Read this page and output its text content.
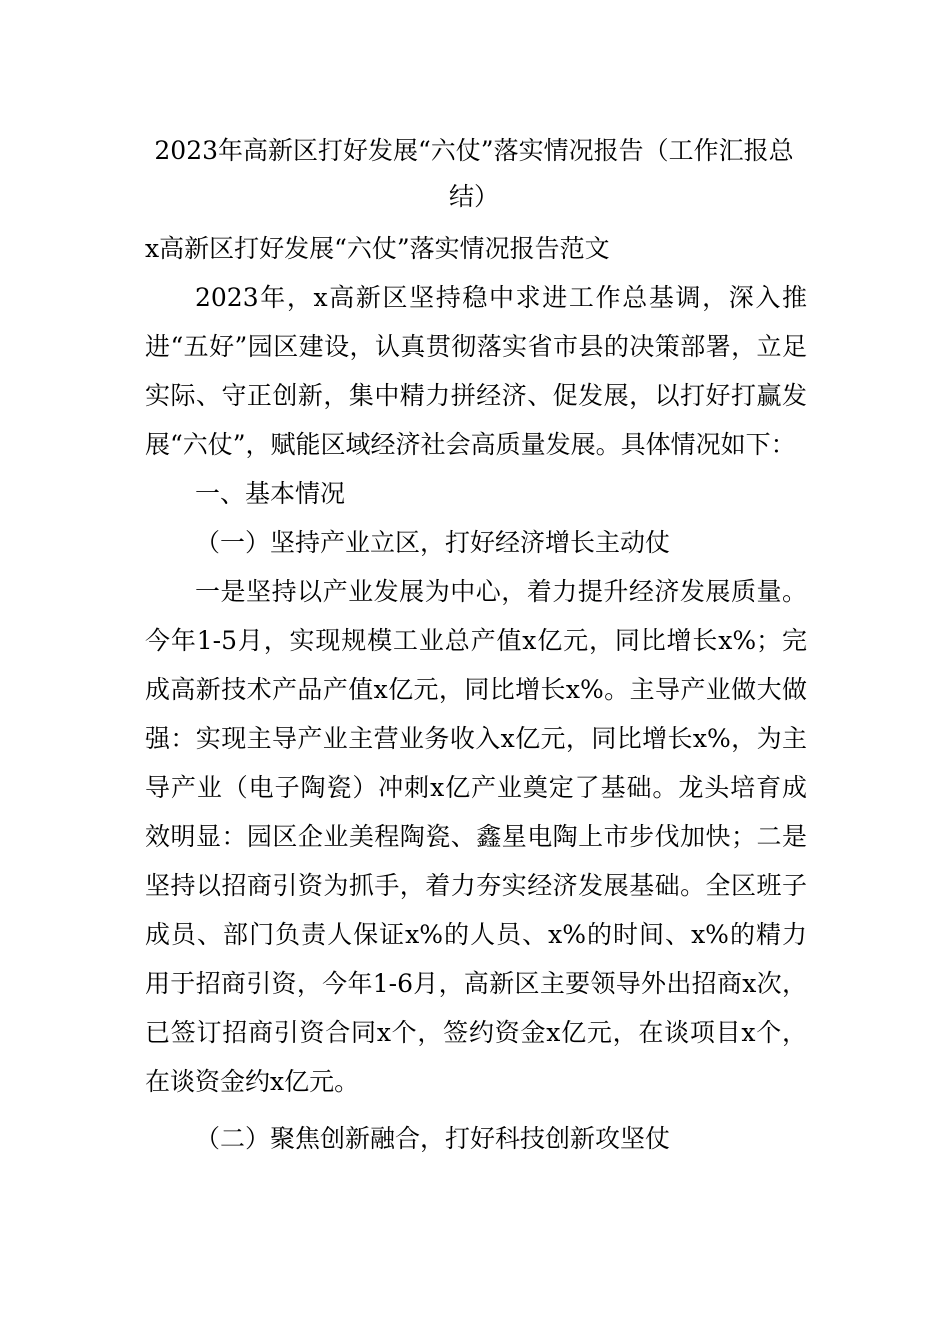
2023年高新区打好发展“六仗”落实情况报告（工作汇报总结）

x高新区打好发展“六仗”落实情况报告范文

2023年，x高新区坚持稳中求进工作总基调，深入推进“五好”园区建设，认真贯彻落实省市县的决策部署，立足实际、守正创新，集中精力拼经济、促发展，以打好打赢发展“六仗”，赋能区域经济社会高质量发展。具体情况如下：

一、基本情况

（一）坚持产业立区，打好经济增长主动仗

一是坚持以产业发展为中心，着力提升经济发展质量。今年1-5月，实现规模工业总产值x亿元，同比增长x%；完成高新技术产品产值x亿元，同比增长x%。主导产业做大做强：实现主导产业主营业务收入x亿元，同比增长x%，为主导产业（电子陶瓷）冲刺x亿产业奠定了基础。龙头培育成效明显：园区企业美程陶瓷、鑫星电陶上市步伐加快；二是坚持以招商引资为抓手，着力夯实经济发展基础。全区班子成员、部门负责人保证x%的人员、x%的时间、x%的精力用于招商引资，今年1-6月，高新区主要领导外出招商x次，已签订招商引资合同x个，签约资金x亿元，在谈项目x个，在谈资金约x亿元。

（二）聚焦创新融合，打好科技创新攻坚仗
